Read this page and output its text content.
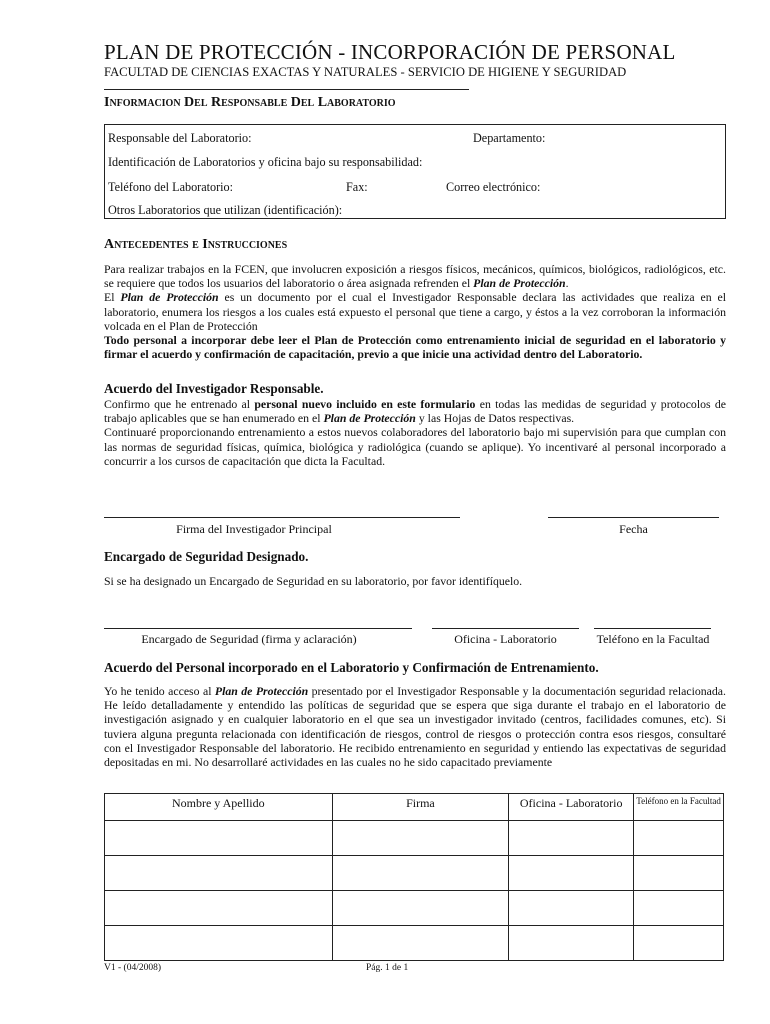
PLAN DE PROTECCIÓN - INCORPORACIÓN DE PERSONAL
FACULTAD DE CIENCIAS EXACTAS Y NATURALES - SERVICIO DE HIGIENE Y SEGURIDAD
Informacion Del Responsable Del Laboratorio
Responsable del Laboratorio:	Departamento:
Identificación de Laboratorios y oficina bajo su responsabilidad:
Teléfono del Laboratorio:	Fax:	Correo electrónico:
Otros Laboratorios que utilizan (identificación):
Antecedentes e Instrucciones
Para realizar trabajos en la FCEN, que involucren exposición a riesgos físicos, mecánicos, químicos, biológicos, radiológicos, etc. se requiere que todos los usuarios del laboratorio o área asignada refrenden el Plan de Protección.
El Plan de Protección es un documento por el cual el Investigador Responsable declara las actividades que realiza en el laboratorio, enumera los riesgos a los cuales está expuesto el personal que tiene a cargo, y éstos a la vez corroboran la información volcada en el Plan de Protección
Todo personal a incorporar debe leer el Plan de Protección como entrenamiento inicial de seguridad en el laboratorio y firmar el acuerdo y confirmación de capacitación, previo a que inicie una actividad dentro del Laboratorio.
Acuerdo del Investigador Responsable.
Confirmo que he entrenado al personal nuevo incluido en este formulario en todas las medidas de seguridad y protocolos de trabajo aplicables que se han enumerado en el Plan de Protección y las Hojas de Datos respectivas.
Continuaré proporcionando entrenamiento a estos nuevos colaboradores del laboratorio bajo mi supervisión para que cumplan con las normas de seguridad físicas, química, biológica y radiológica (cuando se aplique). Yo incentivaré al personal incorporado a concurrir a los cursos de capacitación que dicta la Facultad.
Firma del Investigador Principal	Fecha
Encargado de Seguridad Designado.
Si se ha designado un Encargado de Seguridad en su laboratorio, por favor identifíquelo.
Encargado de Seguridad (firma y aclaración)	Oficina - Laboratorio	Teléfono en la Facultad
Acuerdo del Personal incorporado en el Laboratorio y Confirmación de Entrenamiento.
Yo he tenido acceso al Plan de Protección presentado por el Investigador Responsable y la documentación seguridad relacionada. He leído detalladamente y entendido las políticas de seguridad que se espera que siga durante el trabajo en el laboratorio de investigación asignado y en cualquier laboratorio en el que sea un investigador invitado (centros, facilidades comunes, etc). Si tuviera alguna pregunta relacionada con identificación de riesgos, control de riesgos o protección contra esos riesgos, consultaré con el Investigador Responsable del laboratorio. He recibido entrenamiento en seguridad y entiendo las expectativas de seguridad depositadas en mi. No desarrollaré actividades en las cuales no he sido capacitado previamente
Nombre y Apellido	Firma	Oficina - Laboratorio	Teléfono en la Facultad

V1 - (04/2008)	Pág. 1 de 1
